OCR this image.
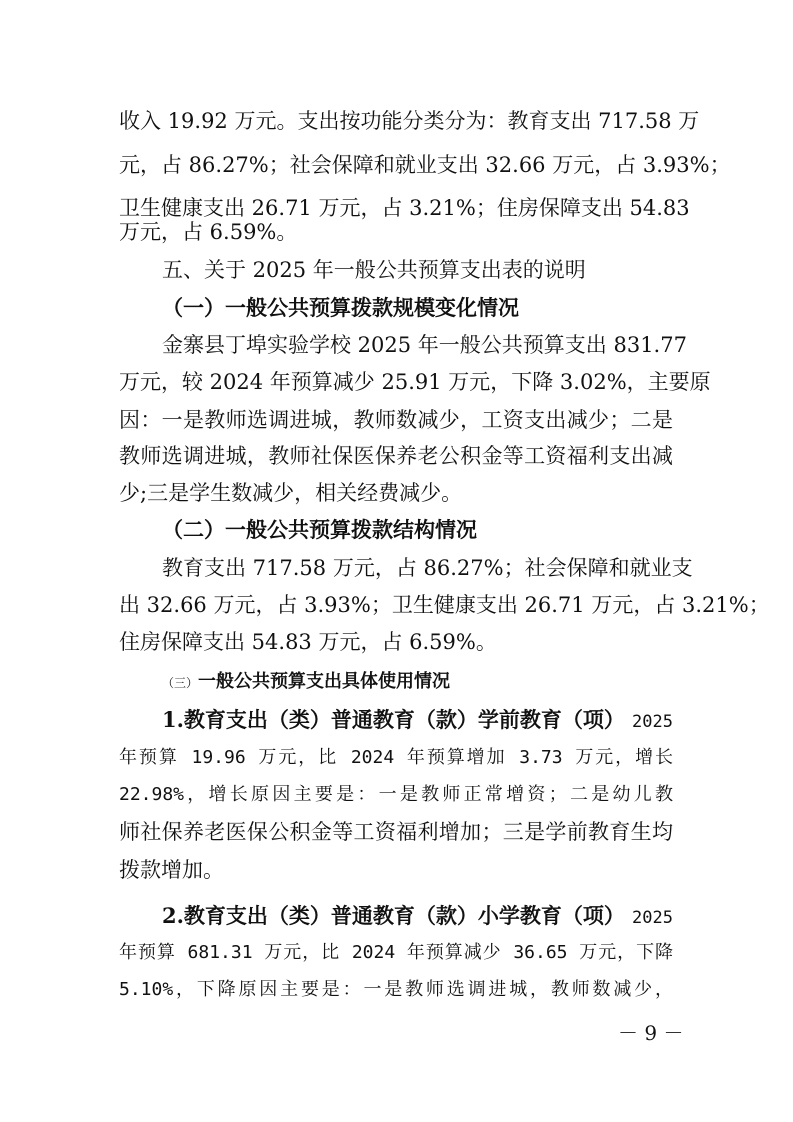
收入 19.92 万元。支出按功能分类分为：教育支出 717.58 万
元，占 86.27%；社会保障和就业支出 32.66 万元，占 3.93%；
卫生健康支出 26.71 万元，占 3.21%；住房保障支出 54.83
万元，占 6.59%。
五、关于 2025 年一般公共预算支出表的说明
（一）一般公共预算拨款规模变化情况
金寨县丁埠实验学校 2025 年一般公共预算支出 831.77
万元，较 2024 年预算减少 25.91 万元，下降 3.02%，主要原
因：一是教师选调进城，教师数减少，工资支出减少；二是
教师选调进城，教师社保医保养老公积金等工资福利支出减
少;三是学生数减少，相关经费减少。
（二）一般公共预算拨款结构情况
教育支出 717.58 万元，占 86.27%；社会保障和就业支
出 32.66 万元，占 3.93%；卫生健康支出 26.71 万元，占 3.21%；
住房保障支出 54.83 万元，占 6.59%。
（三）一般公共预算支出具体使用情况
1.教育支出（类）普通教育（款）学前教育（项） 2025
年预算 19.96 万元，比 2024 年预算增加 3.73 万元，增长
22.98%，增长原因主要是：一是教师正常增资；二是幼儿教
师社保养老医保公积金等工资福利增加；三是学前教育生均
拨款增加。
2.教育支出（类）普通教育（款）小学教育（项） 2025
年预算 681.31 万元，比 2024 年预算减少 36.65 万元，下降
5.10%，下降原因主要是：一是教师选调进城，教师数减少，
－ 9 －
